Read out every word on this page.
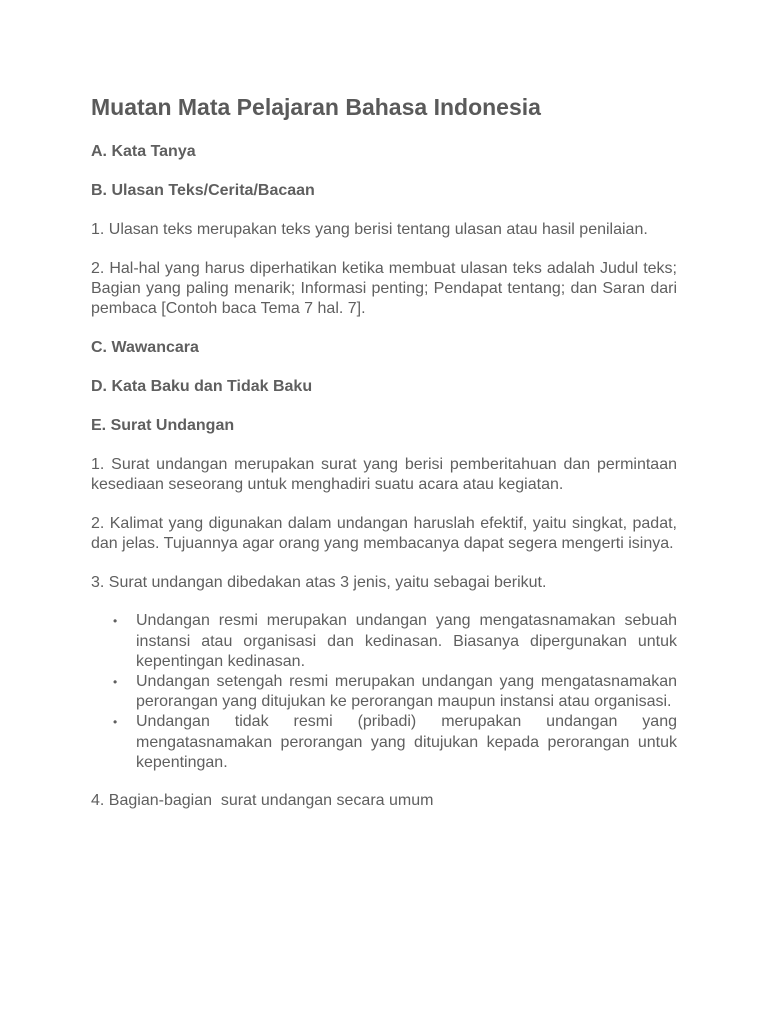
Muatan Mata Pelajaran Bahasa Indonesia
A. Kata Tanya
B. Ulasan Teks/Cerita/Bacaan

1. Ulasan teks merupakan teks yang berisi tentang ulasan atau hasil penilaian.

2. Hal-hal yang harus diperhatikan ketika membuat ulasan teks adalah Judul teks; Bagian yang paling menarik; Informasi penting; Pendapat tentang; dan Saran dari pembaca [Contoh baca Tema 7 hal. 7].

C. Wawancara
D. Kata Baku dan Tidak Baku
E. Surat Undangan

1. Surat undangan merupakan surat yang berisi pemberitahuan dan permintaan kesediaan seseorang untuk menghadiri suatu acara atau kegiatan.

2. Kalimat yang digunakan dalam undangan haruslah efektif, yaitu singkat, padat, dan jelas. Tujuannya agar orang yang membacanya dapat segera mengerti isinya.

3. Surat undangan dibedakan atas 3 jenis, yaitu sebagai berikut.

• Undangan resmi merupakan undangan yang mengatasnamakan sebuah instansi atau organisasi dan kedinasan. Biasanya dipergunakan untuk kepentingan kedinasan.
• Undangan setengah resmi merupakan undangan yang mengatasnamakan perorangan yang ditujukan ke perorangan maupun instansi atau organisasi.
• Undangan tidak resmi (pribadi) merupakan undangan yang mengatasnamakan perorangan yang ditujukan kepada perorangan untuk kepentingan.

4. Bagian-bagian  surat undangan secara umum
